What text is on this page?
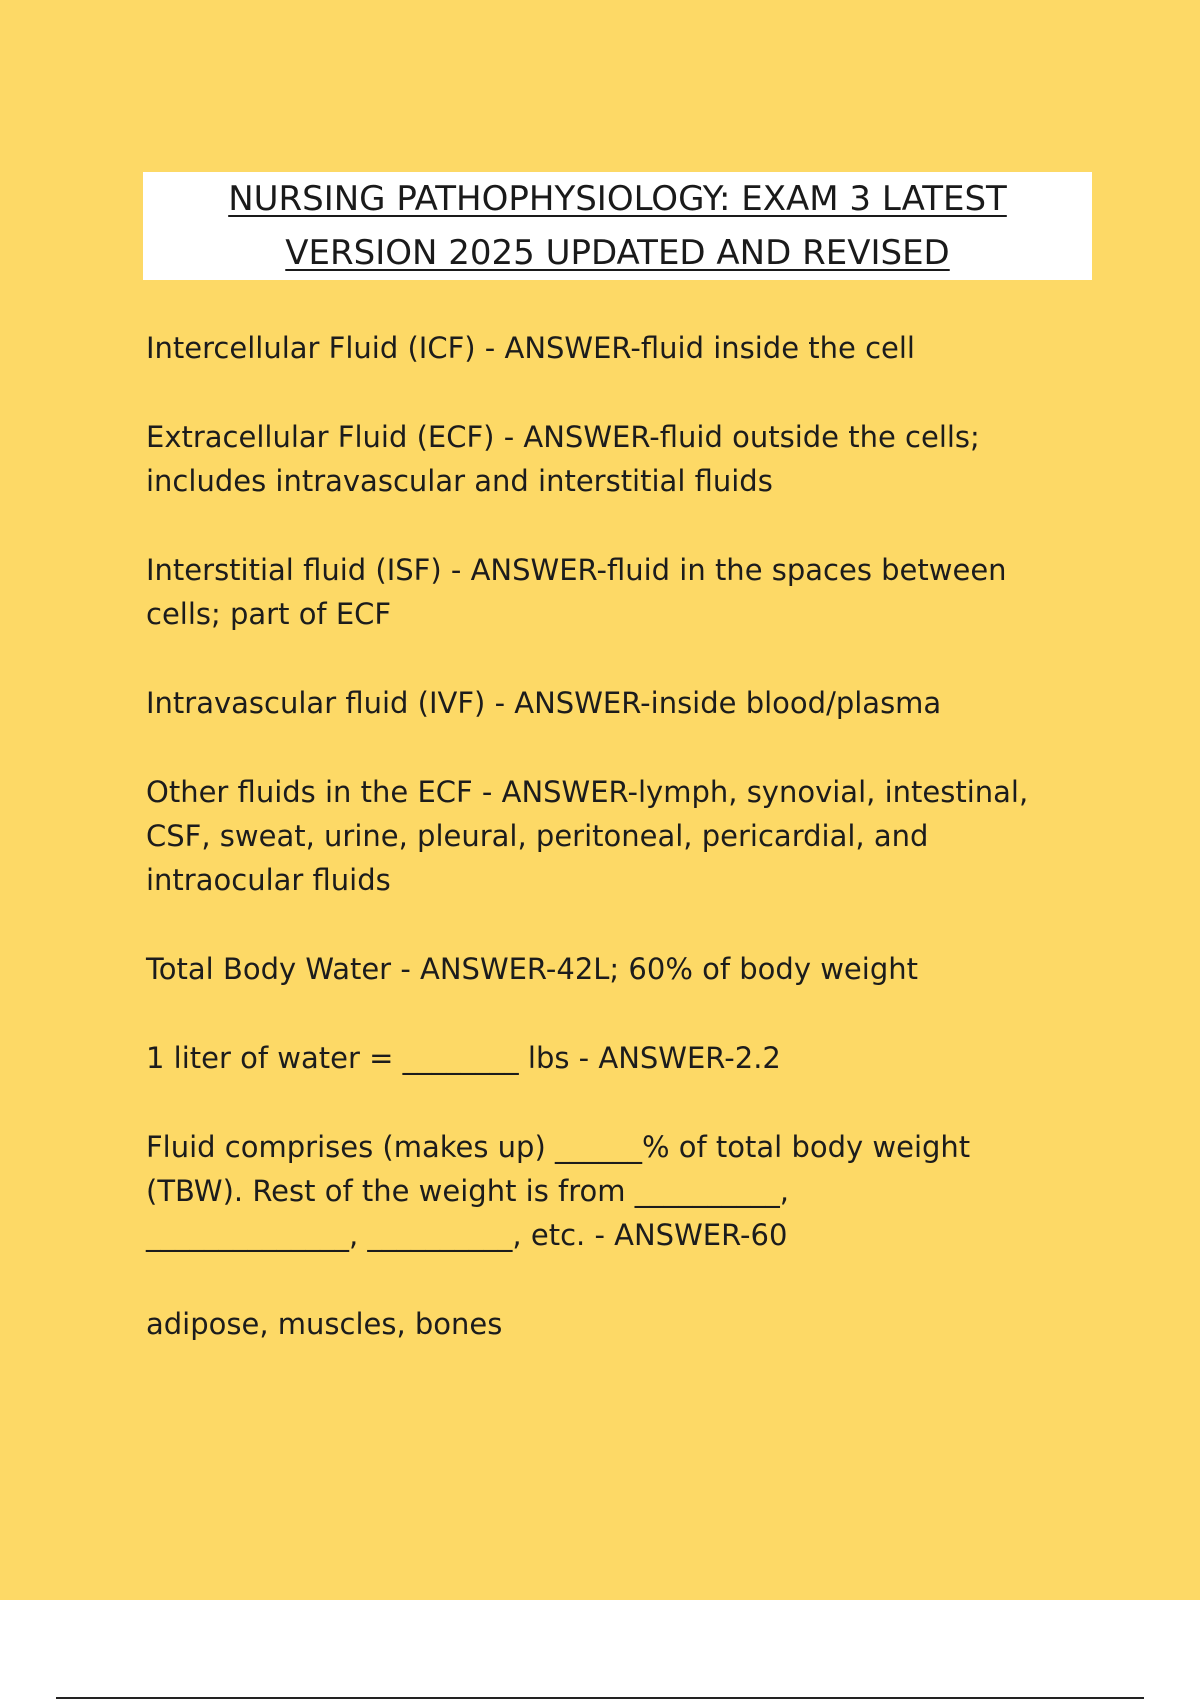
NURSING PATHOPHYSIOLOGY: EXAM 3 LATEST
VERSION 2025 UPDATED AND REVISED
Intercellular Fluid (ICF) - ANSWER-fluid inside the cell
Extracellular Fluid (ECF) - ANSWER-fluid outside the cells;
includes intravascular and interstitial fluids
Interstitial fluid (ISF) - ANSWER-fluid in the spaces between
cells; part of ECF
Intravascular fluid (IVF) - ANSWER-inside blood/plasma
Other fluids in the ECF - ANSWER-lymph, synovial, intestinal,
CSF, sweat, urine, pleural, peritoneal, pericardial, and
intraocular fluids
Total Body Water - ANSWER-42L; 60% of body weight
1 liter of water = ________ lbs - ANSWER-2.2
Fluid comprises (makes up) ______% of total body weight
(TBW). Rest of the weight is from __________,
______________, __________, etc. - ANSWER-60
adipose, muscles, bones
